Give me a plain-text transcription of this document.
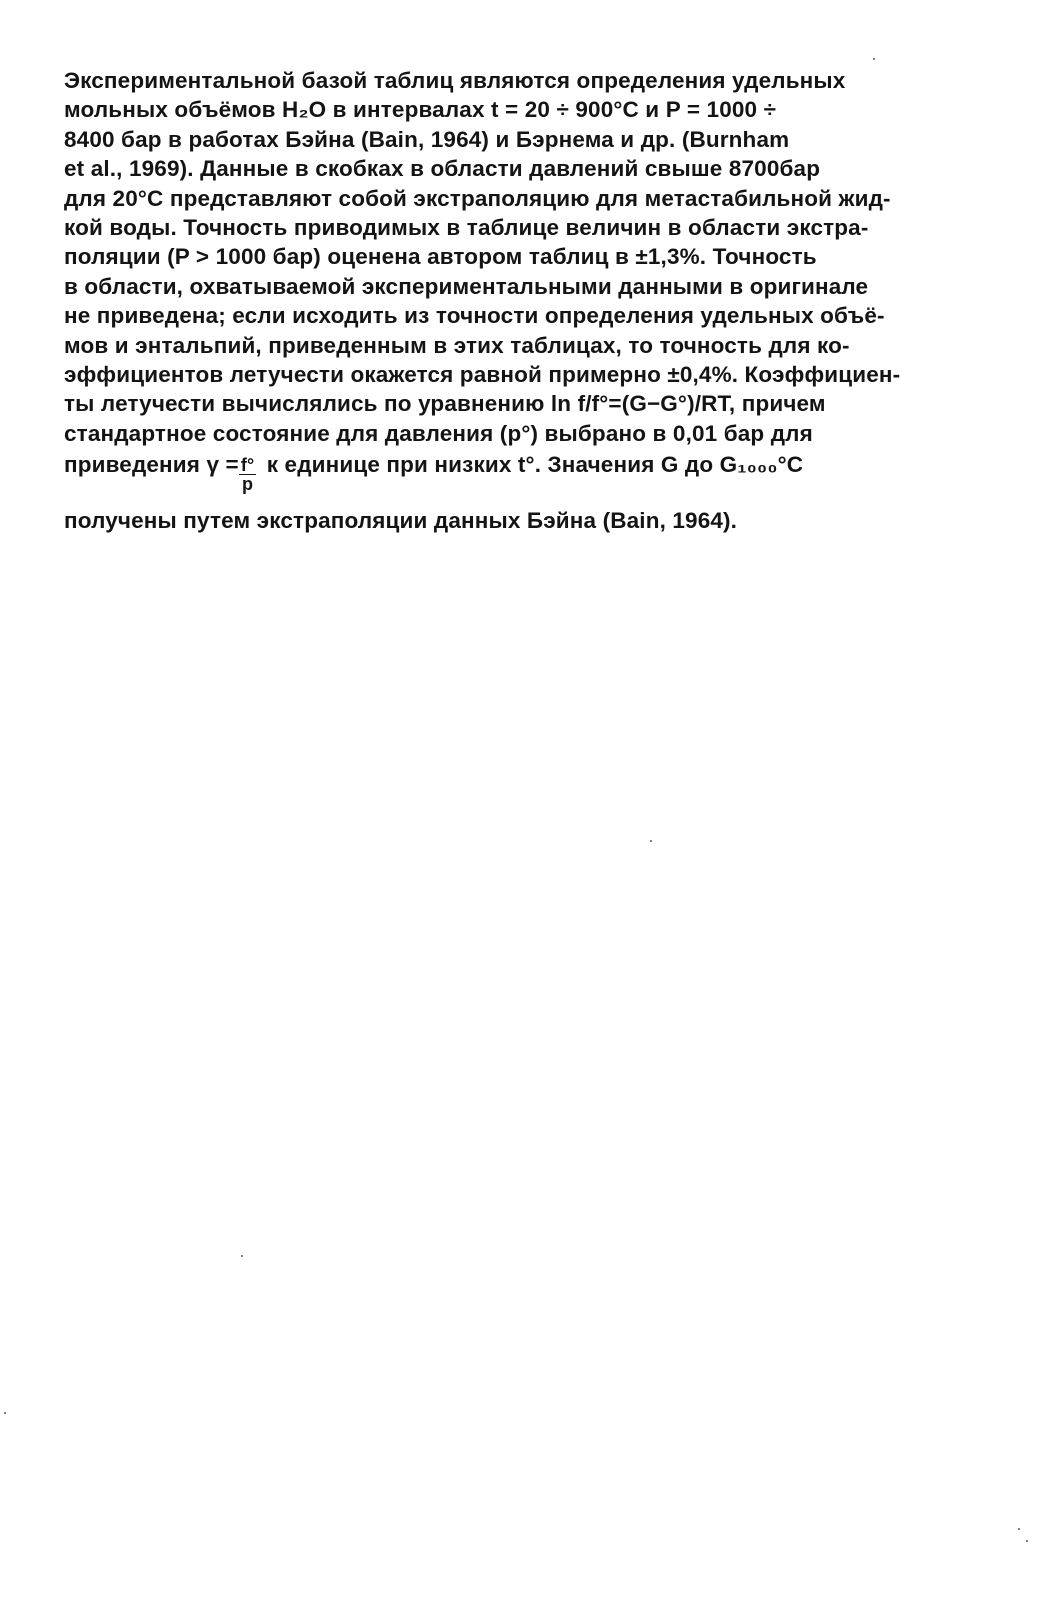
Экспериментальной базой таблиц являются определения удельных
мольных объёмов H₂O в интервалах t = 20 ÷ 900°C и P = 1000 ÷
8400 бар в работах Бэйна (Bain, 1964) и Бэрнема и др. (Burnham
et al., 1969). Данные в скобках в области давлений свыше 8700бар
для 20°C представляют собой экстраполяцию для метастабильной жид-
кой воды. Точность приводимых в таблице величин в области экстра-
поляции (P > 1000 бар) оценена автором таблиц в ±1,3%. Точность
в области, охватываемой экспериментальными данными в оригинале
не приведена; если исходить из точности определения удельных объё-
мов и энтальпий, приведенным в этих таблицах, то точность для ко-
эффициентов летучести окажется равной примерно ±0,4%. Коэффициен-
ты летучести вычислялись по уравнению ln f/f°=(G−G°)/RT, причем
стандартное состояние для давления (p°) выбрано в 0,01 бар для
приведения $\gamma = \frac{f^\circ}{p}$ к единице при низких t°. Значения G до G₁₀₀₀°C
получены путем экстраполяции данных Бэйна (Bain, 1964).
